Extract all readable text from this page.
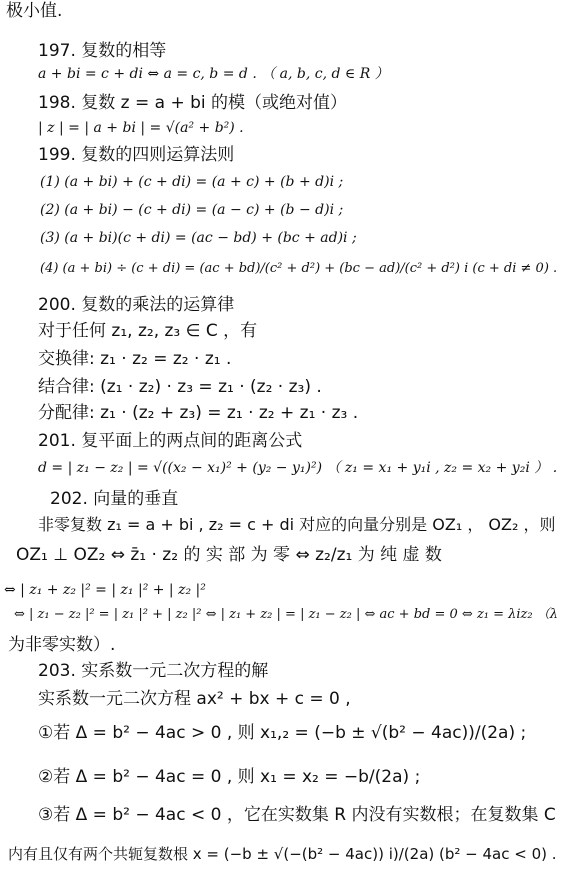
极小值.
197. 复数的相等
a + bi = c + di ⇔ a = c, b = d . （ a, b, c, d ∈ R ）
198. 复数 z = a + bi 的模（或绝对值）
| z | = | a + bi | = √(a² + b²) .
199. 复数的四则运算法则
(1) (a + bi) + (c + di) = (a + c) + (b + d)i ;
(2) (a + bi) − (c + di) = (a − c) + (b − d)i ;
(3) (a + bi)(c + di) = (ac − bd) + (bc + ad)i ;
(4) (a + bi) ÷ (c + di) = (ac + bd)/(c² + d²) + (bc − ad)/(c² + d²) i (c + di ≠ 0) .
200. 复数的乘法的运算律
对于任何 z₁, z₂, z₃ ∈ C ，有
交换律: z₁ · z₂ = z₂ · z₁ .
结合律: (z₁ · z₂) · z₃ = z₁ · (z₂ · z₃) .
分配律: z₁ · (z₂ + z₃) = z₁ · z₂ + z₁ · z₃ .
201. 复平面上的两点间的距离公式
d = | z₁ − z₂ | = √((x₂ − x₁)² + (y₂ − y₁)²) （ z₁ = x₁ + y₁i , z₂ = x₂ + y₂i ） .
202. 向量的垂直
非零复数 z₁ = a + bi , z₂ = c + di 对应的向量分别是 OZ₁ ， OZ₂ ，则
OZ₁ ⊥ OZ₂ ⇔ z̄₁ · z₂ 的 实 部 为 零 ⇔ z₂/z₁ 为 纯 虚 数
⇔ | z₁ + z₂ |² = | z₁ |² + | z₂ |²
⇔ | z₁ − z₂ |² = | z₁ |² + | z₂ |² ⇔ | z₁ + z₂ | = | z₁ − z₂ | ⇔ ac + bd = 0 ⇔ z₁ = λiz₂ （λ
为非零实数）.
203. 实系数一元二次方程的解
实系数一元二次方程 ax² + bx + c = 0 ,
①若 Δ = b² − 4ac > 0 , 则 x₁,₂ = (−b ± √(b² − 4ac))/(2a) ;
②若 Δ = b² − 4ac = 0 , 则 x₁ = x₂ = −b/(2a) ;
③若 Δ = b² − 4ac < 0 ，它在实数集 R 内没有实数根；在复数集 C
内有且仅有两个共轭复数根 x = (−b ± √(−(b² − 4ac)) i)/(2a) (b² − 4ac < 0) .
